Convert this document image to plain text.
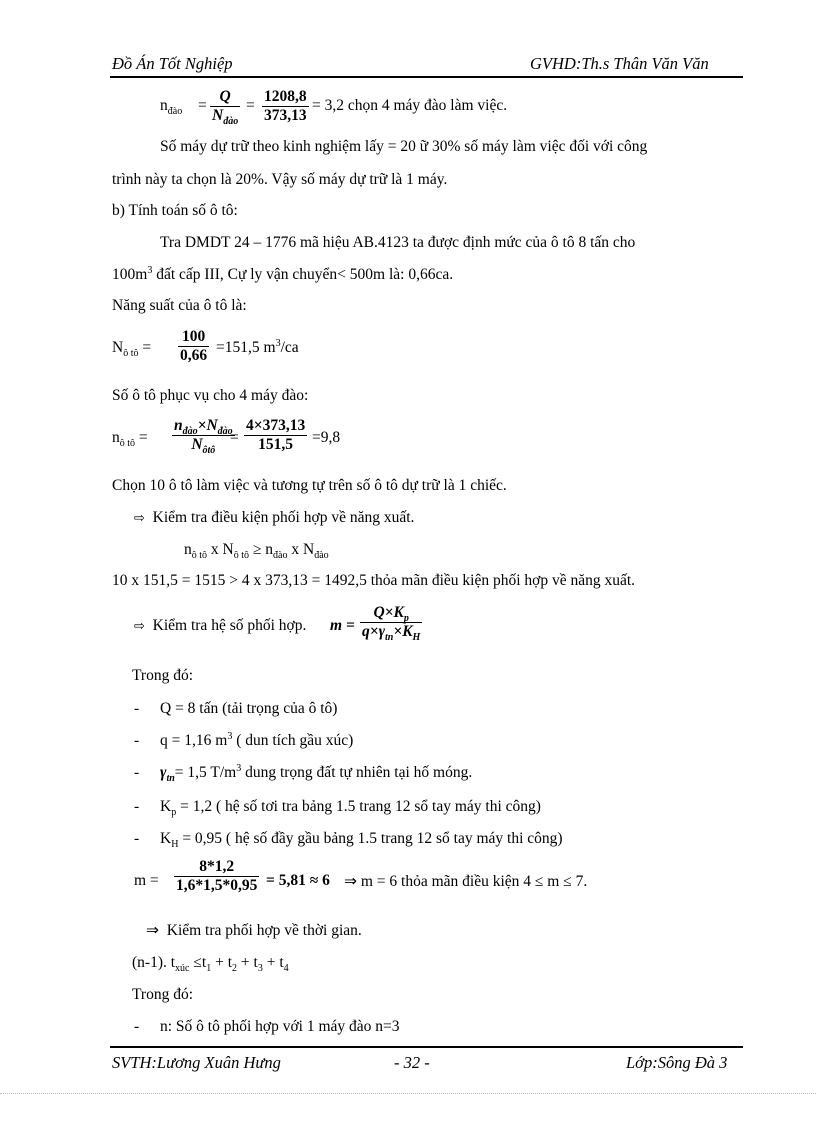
Đồ Án Tốt Nghiệp	GVHD:Th.s Thân Văn Văn
$n_{đào}$ =
Q
$N_{đào}$
= $\frac{1208,8}{373,13} = 3,2$ chọn 4 máy đào làm việc.
Số máy dự trữ theo kinh nghiệm lấy = 20 ữ 30% số máy làm việc đối với công
trình này ta chọn là 20%. Vậy số máy dự trữ là 1 máy.
b) Tính toán số ô tô:
Tra DMDT 24 – 1776 mã hiệu AB.4123 ta được định mức của ô tô 8 tấn cho
$100m^3$ đất cấp III, Cự ly vận chuyển< 500m là: 0,66ca.
Năng suất của ô tô là:
$N_{ô tô} = \frac{100}{0,66} =151,5$ $m^3/ca$
Số ô tô phục vụ cho 4 máy đào:
$n_{ô tô}$ =
$n_{đào}\times N_{đào}$
$N_{ôtô}$
= $\frac{4\times 373,13}{151,5} =9,8$
Chọn 10 ô tô làm việc và tương tự trên số ô tô dự trữ là 1 chiếc.
⇨ Kiểm tra điều kiện phối hợp về năng xuất.
$n_{ô tô}$ x $N_{ô tô} \ge n_{đào}$ x $N_{đào}$
10 x 151,5 = 1515 > 4 x 373,13 = 1492,5 thỏa mãn điều kiện phối hợp về năng xuất.
⇨ Kiểm tra hệ số phối hợp. m =
$Q\times K_p$
$q\times\gamma_{tn}\times K_H$
Trong đó:
- Q = 8 tấn (tải trọng của ô tô)
- q = 1,16 $m^3$ ( dun tích gầu xúc)
- $\gamma_{tn}= 1,5$ $T/m^3$ dung trọng đất tự nhiên tại hố móng.
- $K_p = 1,2$ ( hệ số tơi tra bảng 1.5 trang 12 sổ tay máy thi công)
- $K_H = 0,95$ ( hệ số đầy gầu bảng 1.5 trang 12 sổ tay máy thi công)
$m = \frac{8*1,2}{1,6*1,5*0,95} = 5,81 \approx 6$ ⇒ m = 6 thỏa mãn điều kiện 4 ≤ m ≤ 7.
⇒ Kiểm tra phối hợp về thời gian.
(n-1). $t_{xúc} \le t_1 + t_2 + t_3 + t_4$
Trong đó:
- n: Số ô tô phối hợp với 1 máy đào n=3
SVTH:Lương Xuân Hưng	- 32 -	Lớp:Sông Đà 3
